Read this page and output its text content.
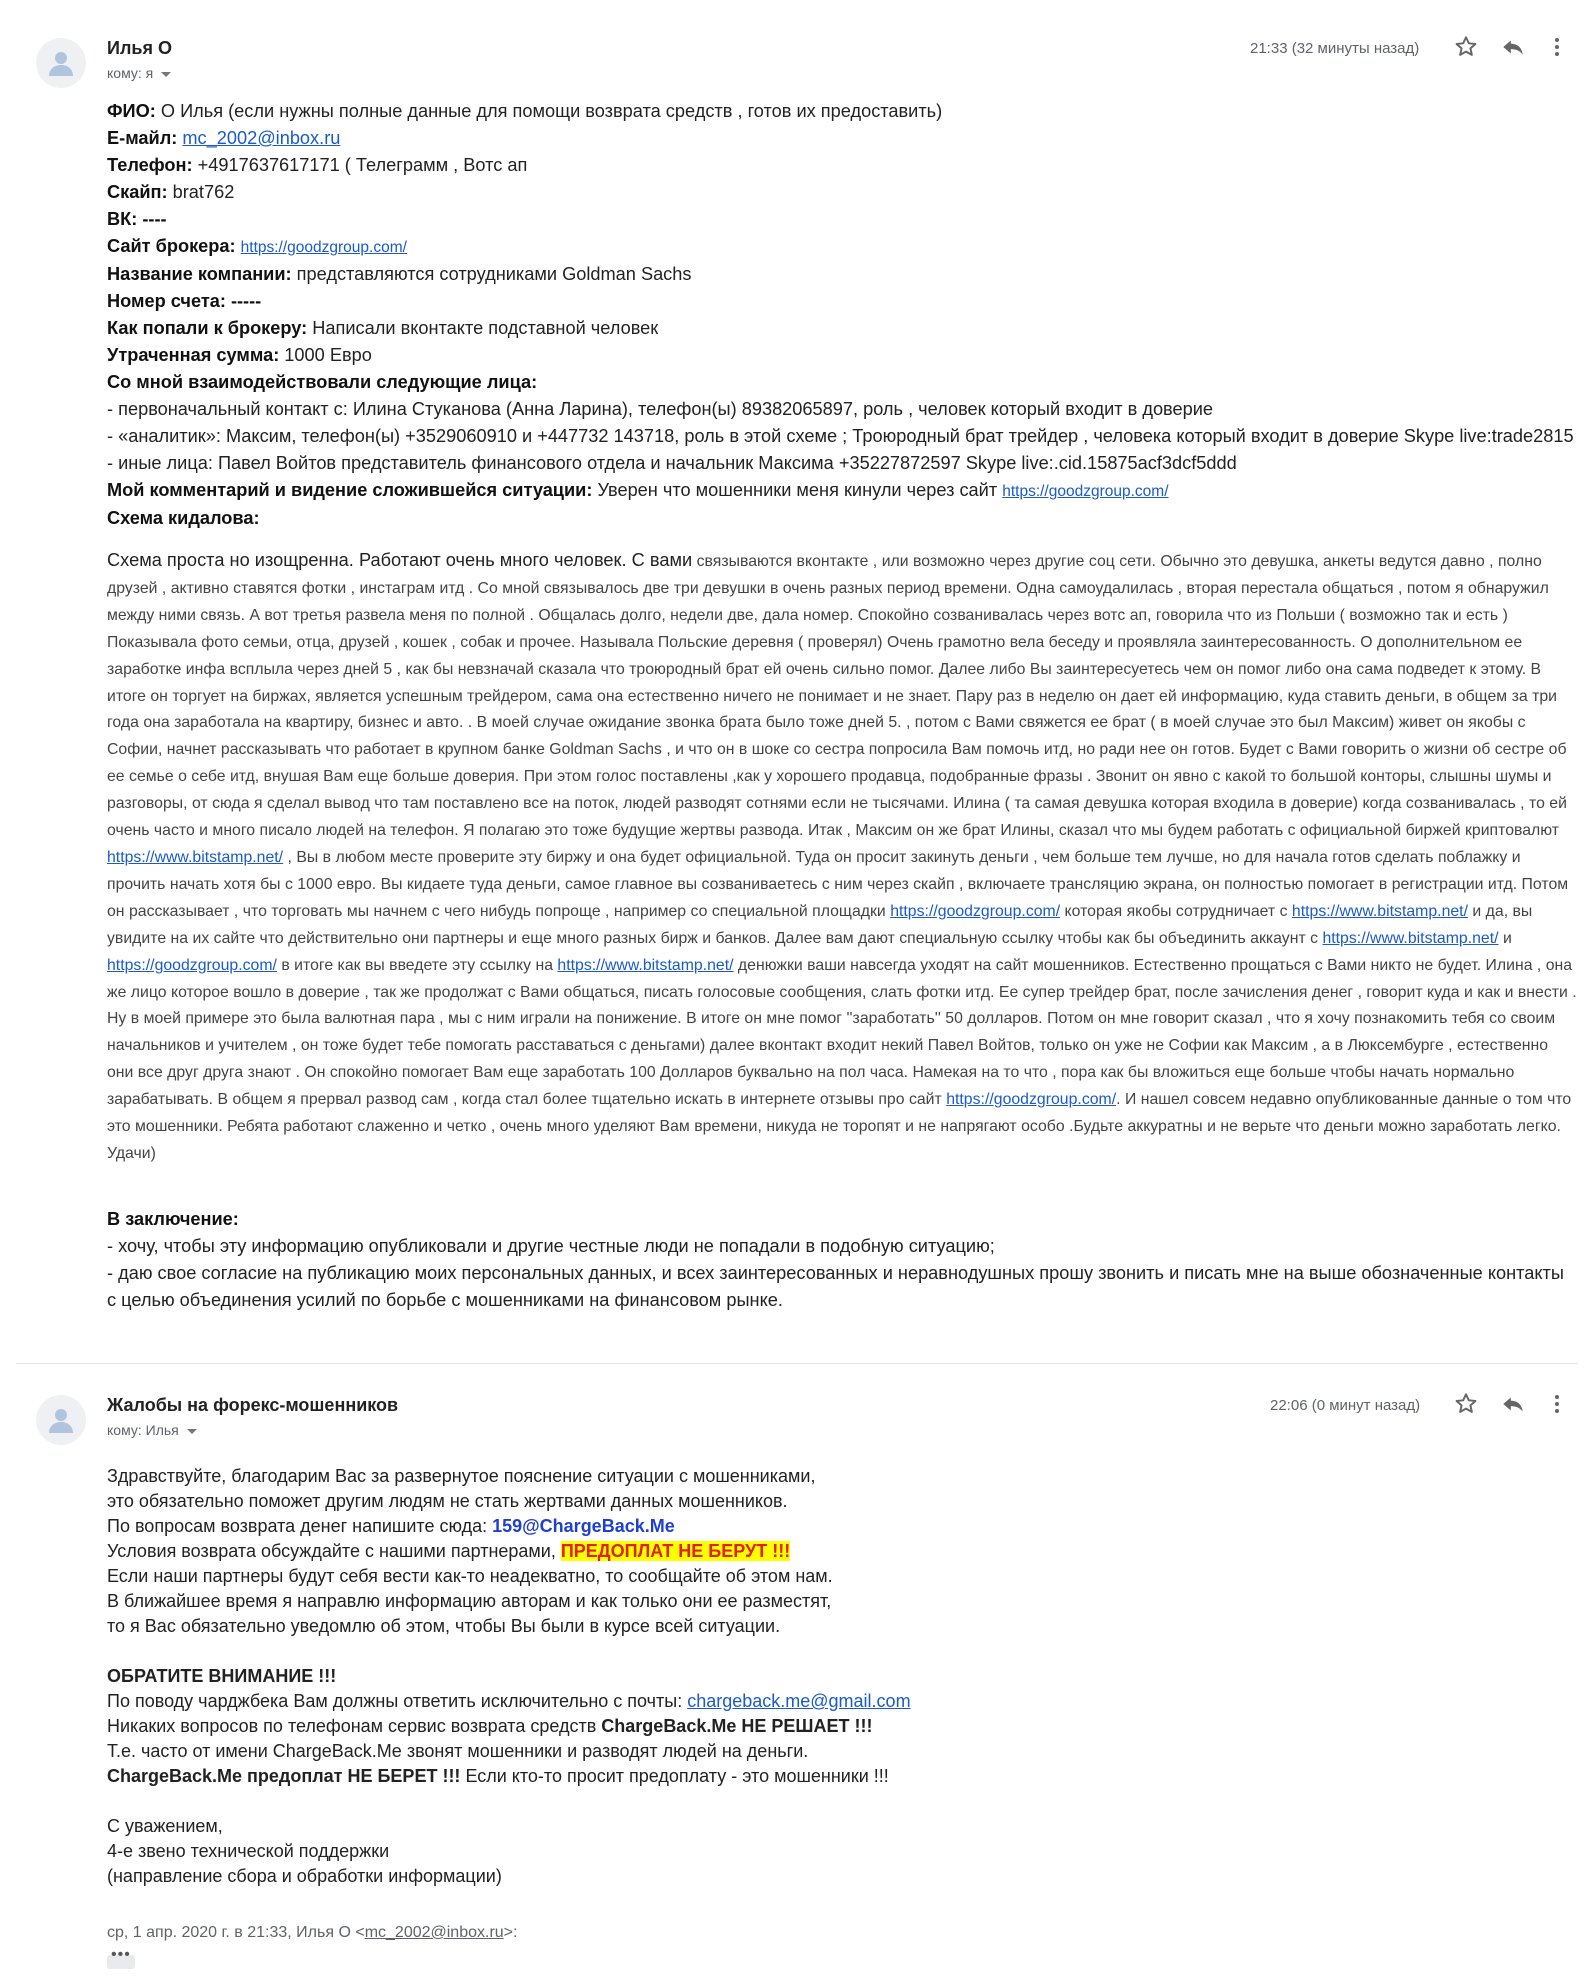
Илья О
кому: я
21:33 (32 минуты назад)
ФИО: О Илья (если нужны полные данные для помощи возврата средств , готов их предоставить)
Е-майл: mc_2002@inbox.ru
Телефон: +4917637617171 ( Телеграмм , Вотс ап
Скайп: brat762
ВК: ----
Сайт брокера: https://goodzgroup.com/
Название компании: представляются сотрудниками Goldman Sachs
Номер счета: -----
Как попали к брокеру: Написали вконтакте подставной человек
Утраченная сумма: 1000 Евро
Со мной взаимодействовали следующие лица:
- первоначальный контакт с: Илина Стуканова (Анна Ларина), телефон(ы) 89382065897, роль , человек который входит в доверие
- «аналитик»: Максим, телефон(ы) +3529060910 и +447732 143718, роль в этой схеме ; Троюродный брат трейдер , человека который входит в доверие Skype live:trade2815
- иные лица: Павел Войтов представитель финансового отдела и начальник Максима +35227872597 Skype live:.cid.15875acf3dcf5ddd
Мой комментарий и видение сложившейся ситуации: Уверен что мошенники меня кинули через сайт https://goodzgroup.com/
Схема кидалова:
Схема проста но изощренна. Работают очень много человек. С вами связываются вконтакте , или возможно через другие соц сети. Обычно это девушка, анкеты ведутся давно , полно друзей , активно ставятся фотки , инстаграм итд . Со мной связывалось две три девушки в очень разных период времени. Одна самоудалилась , вторая перестала общаться , потом я обнаружил между ними связь. А вот третья развела меня по полной . Общалась долго, недели две, дала номер. Спокойно созванивалась через вотс ап, говорила что из Польши ( возможно так и есть ) Показывала фото семьи, отца, друзей , кошек , собак и прочее. Называла Польские деревня ( проверял) Очень грамотно вела беседу и проявляла заинтересованность. О дополнительном ее заработке инфа всплыла через дней 5 , как бы невзначай сказала что троюродный брат ей очень сильно помог. Далее либо Вы заинтересуетесь чем он помог либо она сама подведет к этому. В итоге он торгует на биржах, является успешным трейдером, сама она естественно ничего не понимает и не знает. Пару раз в неделю он дает ей информацию, куда ставить деньги, в общем за три года она заработала на квартиру, бизнес и авто. . В моей случае ожидание звонка брата было тоже дней 5. , потом с Вами свяжется ее брат ( в моей случае это был Максим) живет он якобы с Софии, начнет рассказывать что работает в крупном банке Goldman Sachs , и что он в шоке со сестра попросила Вам помочь итд, но ради нее он готов. Будет с Вами говорить о жизни об сестре об ее семье о себе итд, внушая Вам еще больше доверия. При этом голос поставлены ,как у хорошего продавца, подобранные фразы . Звонит он явно с какой то большой конторы, слышны шумы и разговоры, от сюда я сделал вывод что там поставлено все на поток, людей разводят сотнями если не тысячами. Илина ( та самая девушка которая входила в доверие) когда созванивалась , то ей очень часто и много писало людей на телефон. Я полагаю это тоже будущие жертвы развода. Итак , Максим он же брат Илины, сказал что мы будем работать с официальной биржей криптовалют https://www.bitstamp.net/ , Вы в любом месте проверите эту биржу и она будет официальной. Туда он просит закинуть деньги , чем больше тем лучше, но для начала готов сделать поблажку и прочить начать хотя бы с 1000 евро. Вы кидаете туда деньги, самое главное вы созваниваетесь с ним через скайп , включаете трансляцию экрана, он полностью помогает в регистрации итд. Потом он рассказывает , что торговать мы начнем с чего нибудь попроще , например со специальной площадки https://goodzgroup.com/ которая якобы сотрудничает с https://www.bitstamp.net/ и да, вы увидите на их сайте что действительно они партнеры и еще много разных бирж и банков. Далее вам дают специальную ссылку чтобы как бы объединить аккаунт с https://www.bitstamp.net/ и https://goodzgroup.com/ в итоге как вы введете эту ссылку на https://www.bitstamp.net/ денюжки ваши навсегда уходят на сайт мошенников. Естественно прощаться с Вами никто не будет. Илина , она же лицо которое вошло в доверие , так же продолжат с Вами общаться, писать голосовые сообщения, слать фотки итд. Ее супер трейдер брат, после зачисления денег , говорит куда и как и внести . Ну в моей примере это была валютная пара , мы с ним играли на понижение. В итоге он мне помог ''заработать'' 50 долларов. Потом он мне говорит сказал , что я хочу познакомить тебя со своим начальников и учителем , он тоже будет тебе помогать расставаться с деньгами) далее вконтакт входит некий Павел Войтов, только он уже не Софии как Максим , а в Люксембурге , естественно они все друг друга знают . Он спокойно помогает Вам еще заработать 100 Долларов буквально на пол часа. Намекая на то что , пора как бы вложиться еще больше чтобы начать нормально зарабатывать. В общем я прервал развод сам , когда стал более тщательно искать в интернете отзывы про сайт https://goodzgroup.com/. И нашел совсем недавно опубликованные данные о том что это мошенники. Ребята работают слаженно и четко , очень много уделяют Вам времени, никуда не торопят и не напрягают особо .Будьте аккуратны и не верьте что деньги можно заработать легко. Удачи)
В заключение:
- хочу, чтобы эту информацию опубликовали и другие честные люди не попадали в подобную ситуацию;
- даю свое согласие на публикацию моих персональных данных, и всех заинтересованных и неравнодушных прошу звонить и писать мне на выше обозначенные контакты с целью объединения усилий по борьбе с мошенниками на финансовом рынке.
Жалобы на форекс-мошенников
кому: Илья
22:06 (0 минут назад)
Здравствуйте, благодарим Вас за развернутое пояснение ситуации с мошенниками,
это обязательно поможет другим людям не стать жертвами данных мошенников.
По вопросам возврата денег напишите сюда: 159@ChargeBack.Me
Условия возврата обсуждайте с нашими партнерами, ПРЕДОПЛАТ НЕ БЕРУТ !!!
Если наши партнеры будут себя вести как-то неадекватно, то сообщайте об этом нам.
В ближайшее время я направлю информацию авторам и как только они ее разместят,
то я Вас обязательно уведомлю об этом, чтобы Вы были в курсе всей ситуации.
ОБРАТИТЕ ВНИМАНИЕ !!!
По поводу чарджбека Вам должны ответить исключительно с почты: chargeback.me@gmail.com
Никаких вопросов по телефонам сервис возврата средств ChargeBack.Me НЕ РЕШАЕТ !!!
Т.е. часто от имени ChargeBack.Me звонят мошенники и разводят людей на деньги.
ChargeBack.Me предоплат НЕ БЕРЕТ !!! Если кто-то просит предоплату - это мошенники !!!
С уважением,
4-е звено технической поддержки
(направление сбора и обработки информации)
ср, 1 апр. 2020 г. в 21:33, Илья О <mc_2002@inbox.ru>:
•••
